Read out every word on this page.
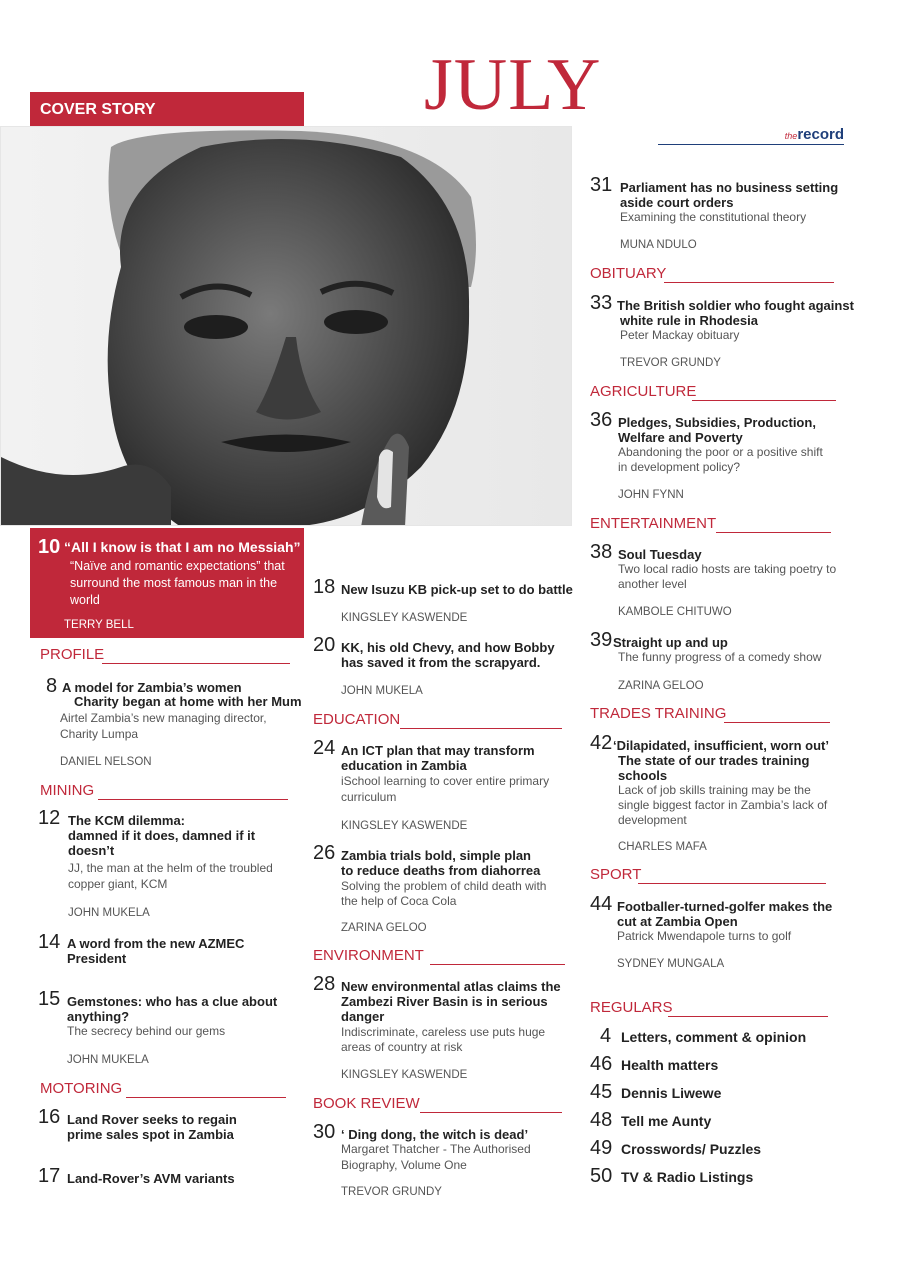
JULY
COVER STORY
therecord
10 “All I know is that I am no Messiah”
“Naïve and romantic expectations” that surround the most famous man in the world
TERRY BELL
PROFILE
8 A model for Zambia’s women
Charity began at home with her Mum
Airtel Zambia’s new managing director,
Charity Lumpa
DANIEL NELSON
MINING
12 The KCM dilemma:
damned if it does, damned if it
doesn’t
JJ, the man at the helm of the troubled
copper giant, KCM
JOHN MUKELA
14 A word from the new AZMEC
President
15 Gemstones: who has a clue about
anything?
The secrecy behind our gems
JOHN MUKELA
MOTORING
16 Land Rover seeks to regain
prime sales spot in Zambia
17 Land-Rover’s AVM variants
18 New Isuzu KB pick-up set to do battle
KINGSLEY KASWENDE
20 KK, his old Chevy, and how Bobby
has saved it from the scrapyard.
JOHN MUKELA
EDUCATION
24 An ICT plan that may transform
education in Zambia
iSchool learning to cover entire primary
curriculum
KINGSLEY KASWENDE
26 Zambia trials bold, simple plan
to reduce deaths from diahorrea
Solving the problem of child death with
the help of Coca Cola
ZARINA GELOO
ENVIRONMENT
28 New environmental atlas claims the
Zambezi River Basin is in serious
danger
Indiscriminate, careless use puts huge
areas of country at risk
KINGSLEY KASWENDE
BOOK REVIEW
30 ‘ Ding dong, the witch is dead’
Margaret Thatcher - The Authorised
Biography, Volume One
TREVOR GRUNDY
31 Parliament has no business setting
aside court orders
Examining the constitutional theory
MUNA NDULO
OBITUARY
33 The British soldier who fought against
white rule in Rhodesia
Peter Mackay obituary
TREVOR GRUNDY
AGRICULTURE
36 Pledges, Subsidies, Production,
Welfare and Poverty
Abandoning the poor or a positive shift
in development policy?
JOHN FYNN
ENTERTAINMENT
38 Soul Tuesday
Two local radio hosts are taking poetry to
another level
KAMBOLE CHITUWO
39 Straight up and up
The funny progress of a comedy show
ZARINA GELOO
TRADES TRAINING
42 ‘Dilapidated, insufficient, worn out’
The state of our trades training
schools
Lack of job skills training may be the
single biggest factor in Zambia’s lack of
development
CHARLES MAFA
SPORT
44 Footballer-turned-golfer makes the
cut at Zambia Open
Patrick Mwendapole turns to golf
SYDNEY MUNGALA
REGULARS
4 Letters, comment & opinion
46 Health matters
45 Dennis Liwewe
48 Tell me Aunty
49 Crosswords/ Puzzles
50 TV & Radio Listings
